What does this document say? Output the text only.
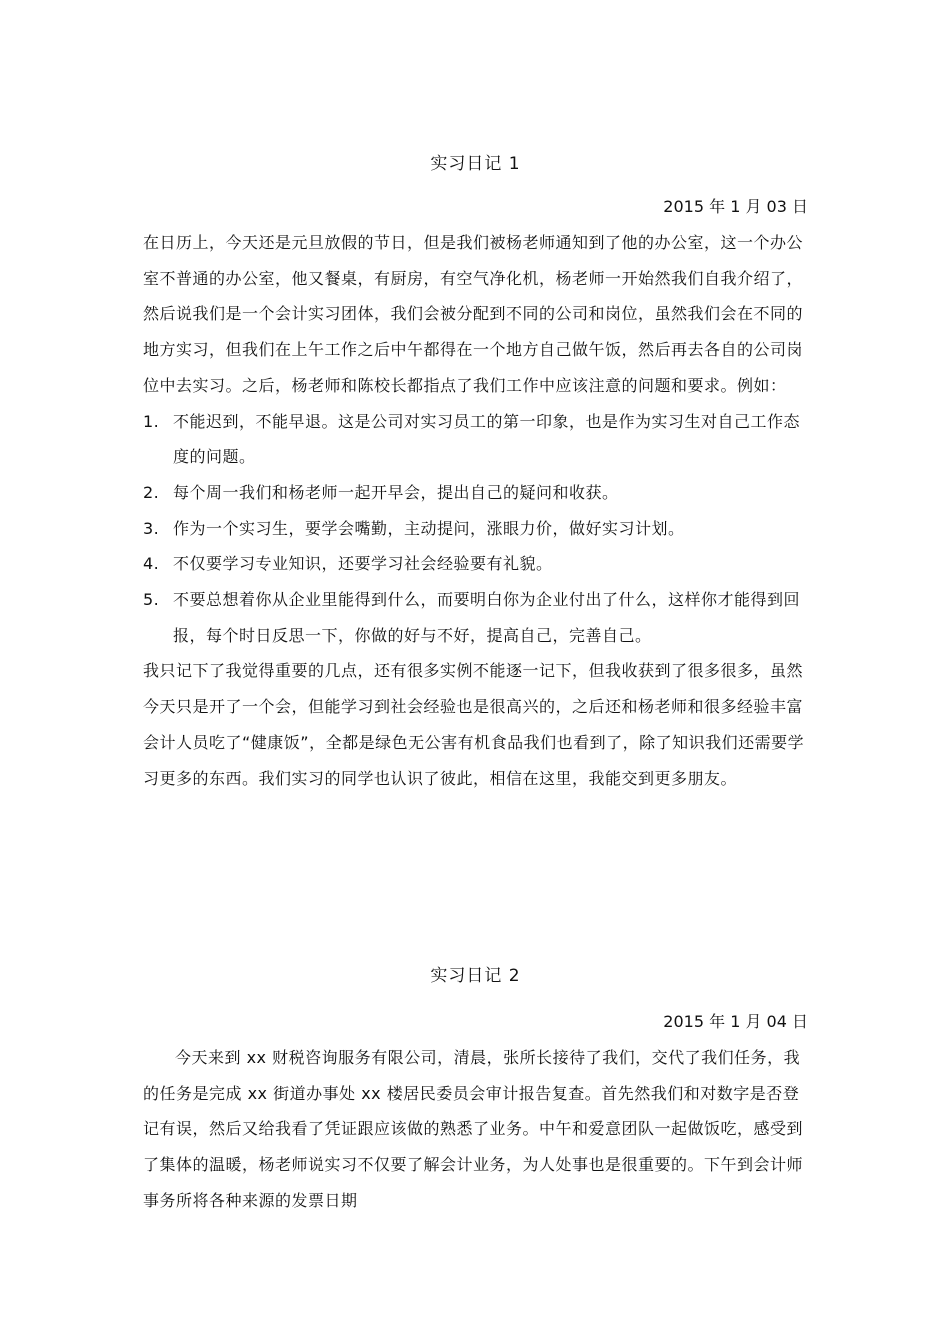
实习日记 1
2015 年 1 月 03 日

在日历上，今天还是元旦放假的节日，但是我们被杨老师通知到了他的办公室，这一个办公室不普通的办公室，他又餐桌，有厨房，有空气净化机，杨老师一开始然我们自我介绍了，然后说我们是一个会计实习团体，我们会被分配到不同的公司和岗位，虽然我们会在不同的地方实习，但我们在上午工作之后中午都得在一个地方自己做午饭，然后再去各自的公司岗位中去实习。之后，杨老师和陈校长都指点了我们工作中应该注意的问题和要求。例如：

1. 不能迟到，不能早退。这是公司对实习员工的第一印象，也是作为实习生对自己工作态度的问题。
2. 每个周一我们和杨老师一起开早会，提出自己的疑问和收获。
3. 作为一个实习生，要学会嘴勤，主动提问，涨眼力价，做好实习计划。
4. 不仅要学习专业知识，还要学习社会经验要有礼貌。
5. 不要总想着你从企业里能得到什么，而要明白你为企业付出了什么，这样你才能得到回报，每个时日反思一下，你做的好与不好，提高自己，完善自己。

我只记下了我觉得重要的几点，还有很多实例不能逐一记下，但我收获到了很多很多，虽然今天只是开了一个会，但能学习到社会经验也是很高兴的，之后还和杨老师和很多经验丰富会计人员吃了“健康饭”，全都是绿色无公害有机食品我们也看到了，除了知识我们还需要学习更多的东西。我们实习的同学也认识了彼此，相信在这里，我能交到更多朋友。

实习日记 2
2015 年 1 月 04 日

今天来到 xx 财税咨询服务有限公司，清晨，张所长接待了我们，交代了我们任务，我的任务是完成 xx 街道办事处 xx 楼居民委员会审计报告复查。首先然我们和对数字是否登记有误，然后又给我看了凭证跟应该做的熟悉了业务。中午和爱意团队一起做饭吃，感受到了集体的温暖，杨老师说实习不仅要了解会计业务，为人处事也是很重要的。下午到会计师事务所将各种来源的发票日期
